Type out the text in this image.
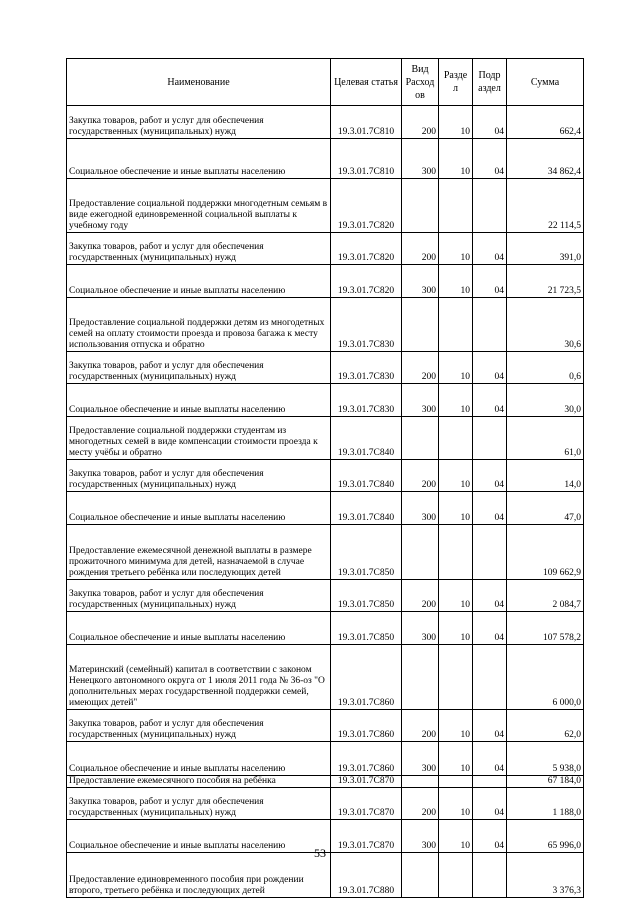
Наименование	Целевая статья	Вид Расход ов	Разде л	Подр аздел	Сумма
Закупка товаров, работ и услуг для обеспечения государственных (муниципальных) нужд	19.3.01.7С810	200	10	04	662,4
Социальное обеспечение и иные выплаты населению	19.3.01.7С810	300	10	04	34 862,4
Предоставление социальной поддержки многодетным семьям в виде ежегодной единовременной социальной выплаты к учебному году	19.3.01.7С820				22 114,5
Закупка товаров, работ и услуг для обеспечения государственных (муниципальных) нужд	19.3.01.7С820	200	10	04	391,0
Социальное обеспечение и иные выплаты населению	19.3.01.7С820	300	10	04	21 723,5
Предоставление социальной поддержки детям из многодетных семей на оплату стоимости проезда и провоза багажа к месту использования отпуска и обратно	19.3.01.7С830				30,6
Закупка товаров, работ и услуг для обеспечения государственных (муниципальных) нужд	19.3.01.7С830	200	10	04	0,6
Социальное обеспечение и иные выплаты населению	19.3.01.7С830	300	10	04	30,0
Предоставление социальной поддержки студентам из многодетных семей в виде компенсации стоимости проезда к месту учёбы и обратно	19.3.01.7С840				61,0
Закупка товаров, работ и услуг для обеспечения государственных (муниципальных) нужд	19.3.01.7С840	200	10	04	14,0
Социальное обеспечение и иные выплаты населению	19.3.01.7С840	300	10	04	47,0
Предоставление ежемесячной денежной выплаты в размере прожиточного минимума для детей, назначаемой в случае рождения третьего ребёнка или последующих детей	19.3.01.7С850				109 662,9
Закупка товаров, работ и услуг для обеспечения государственных (муниципальных) нужд	19.3.01.7С850	200	10	04	2 084,7
Социальное обеспечение и иные выплаты населению	19.3.01.7С850	300	10	04	107 578,2
Материнский (семейный) капитал в соответствии с законом Ненецкого автономного округа от 1 июля 2011 года № 36-оз "О дополнительных мерах государственной поддержки семей, имеющих детей"	19.3.01.7С860				6 000,0
Закупка товаров, работ и услуг для обеспечения государственных (муниципальных) нужд	19.3.01.7С860	200	10	04	62,0
Социальное обеспечение и иные выплаты населению	19.3.01.7С860	300	10	04	5 938,0
Предоставление ежемесячного пособия на ребёнка	19.3.01.7С870				67 184,0
Закупка товаров, работ и услуг для обеспечения государственных (муниципальных) нужд	19.3.01.7С870	200	10	04	1 188,0
Социальное обеспечение и иные выплаты населению	19.3.01.7С870	300	10	04	65 996,0
Предоставление единовременного пособия при рождении второго, третьего ребёнка и последующих детей	19.3.01.7С880				3 376,3
53
